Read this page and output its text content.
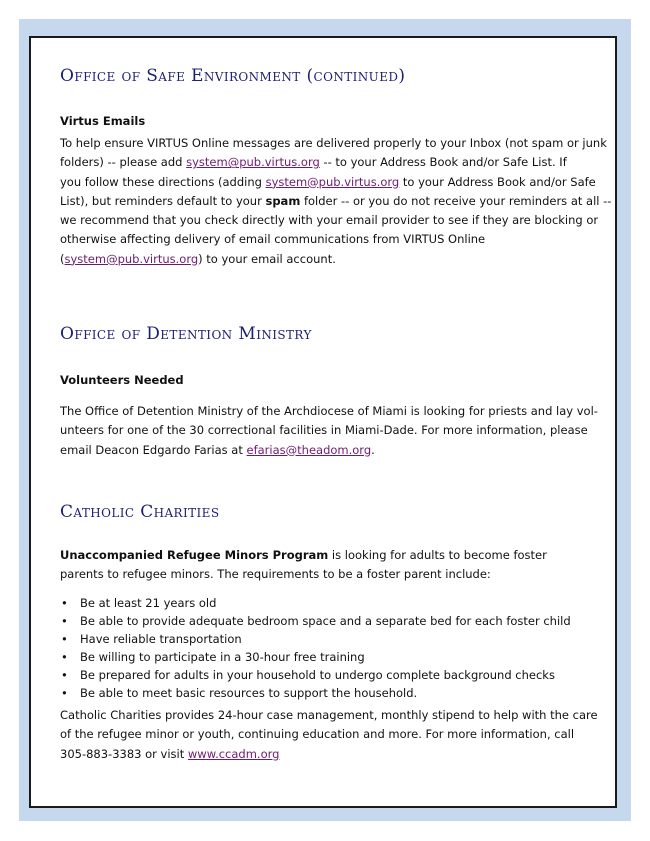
Office of Safe Environment (continued)
Virtus Emails
To help ensure VIRTUS Online messages are delivered properly to your Inbox (not spam or junk
folders) -- please add system@pub.virtus.org -- to your Address Book and/or Safe List. If
you follow these directions (adding system@pub.virtus.org to your Address Book and/or Safe
List), but reminders default to your spam folder -- or you do not receive your reminders at all --
we recommend that you check directly with your email provider to see if they are blocking or
otherwise affecting delivery of email communications from VIRTUS Online
(system@pub.virtus.org) to your email account.
Office of Detention Ministry
Volunteers Needed
The Office of Detention Ministry of the Archdiocese of Miami is looking for priests and lay vol-
unteers for one of the 30 correctional facilities in Miami-Dade. For more information, please
email Deacon Edgardo Farias at efarias@theadom.org.
Catholic Charities
Unaccompanied Refugee Minors Program is looking for adults to become foster
parents to refugee minors. The requirements to be a foster parent include:
• Be at least 21 years old
• Be able to provide adequate bedroom space and a separate bed for each foster child
• Have reliable transportation
• Be willing to participate in a 30-hour free training
• Be prepared for adults in your household to undergo complete background checks
• Be able to meet basic resources to support the household.
Catholic Charities provides 24-hour case management, monthly stipend to help with the care
of the refugee minor or youth, continuing education and more. For more information, call
305-883-3383 or visit www.ccadm.org
